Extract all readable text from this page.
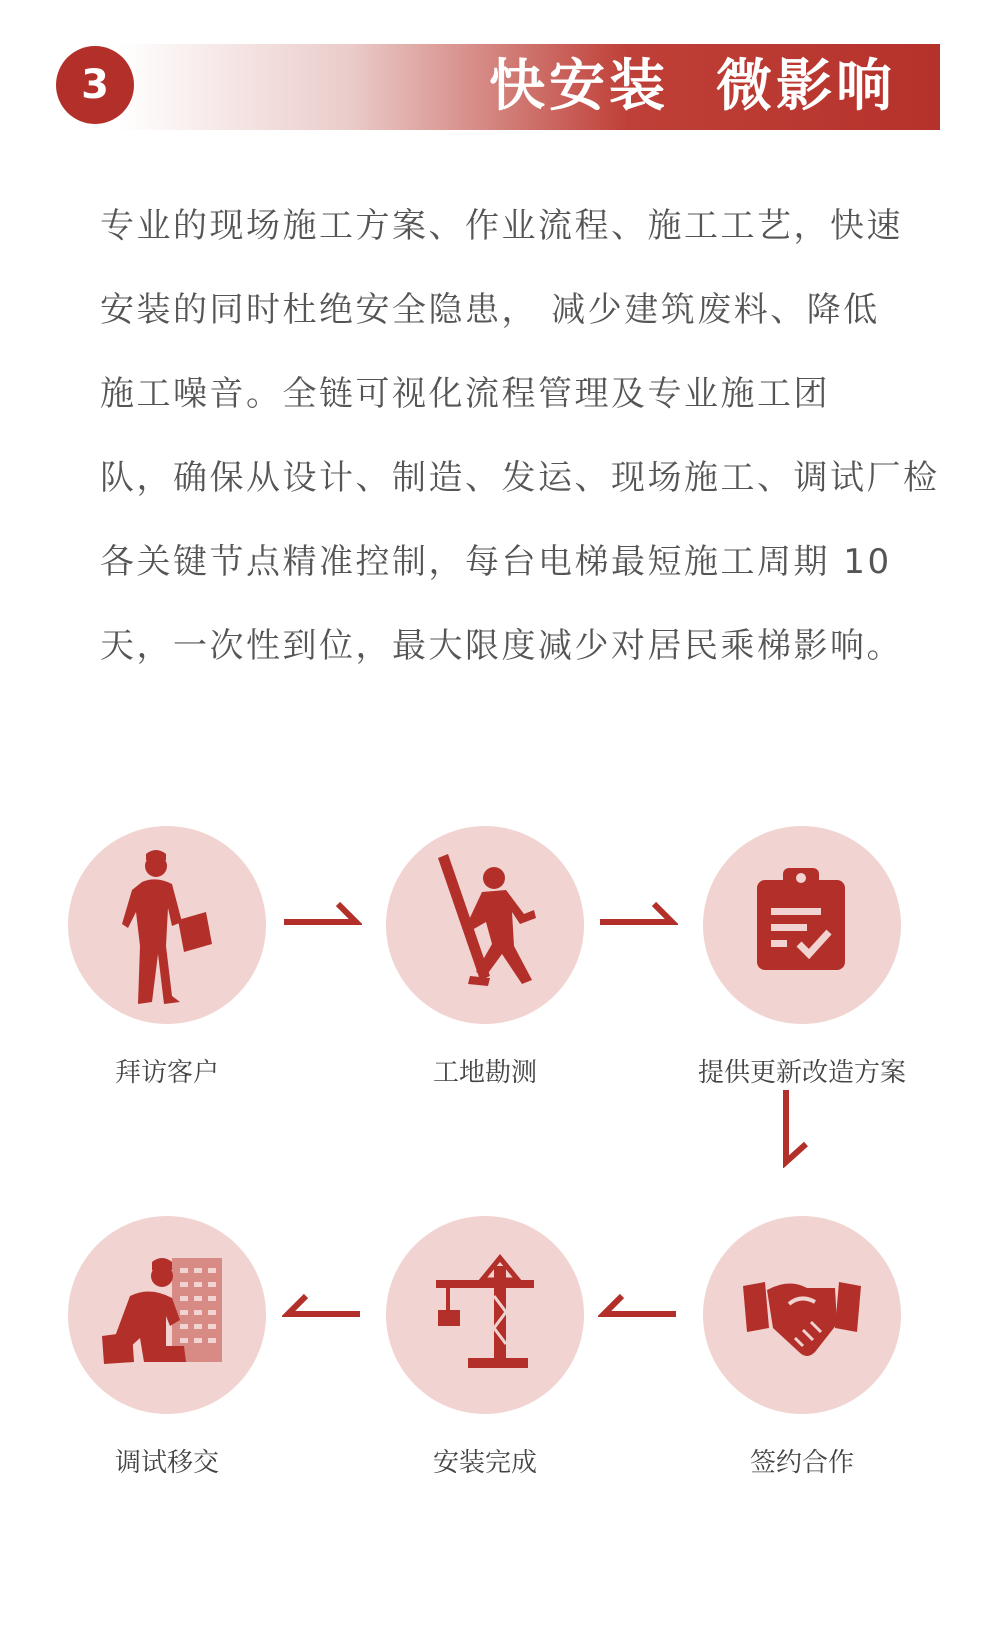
快安装  微影响
3
专业的现场施工方案、作业流程、施工工艺，快速
安装的同时杜绝安全隐患， 减少建筑废料、降低
施工噪音。全链可视化流程管理及专业施工团
队，确保从设计、制造、发运、现场施工、调试厂检
各关键节点精准控制，每台电梯最短施工周期 10
天，一次性到位，最大限度减少对居民乘梯影响。
拜访客户	工地勘测	提供更新改造方案
签约合作
安装完成
调试移交
